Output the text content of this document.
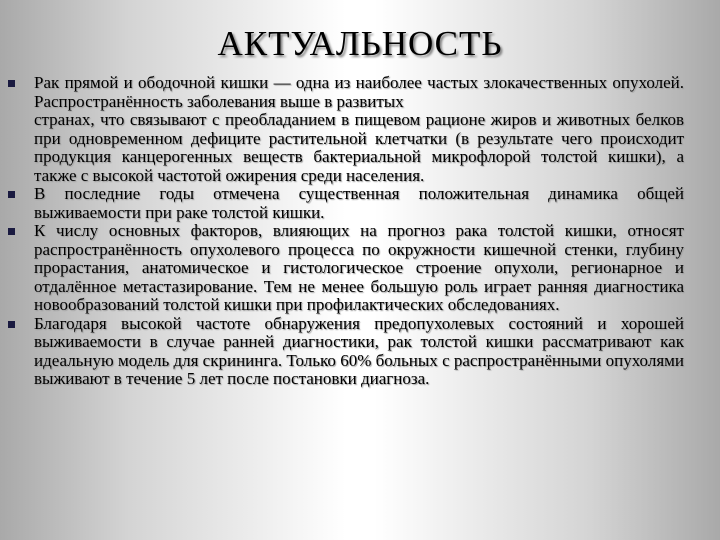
АКТУАЛЬНОСТЬ
Рак прямой и ободочной кишки — одна из наиболее частых злокачественных опухолей. Распространённость заболевания выше в развитых
странах, что связывают с преобладанием в пищевом рационе жиров и животных белков при одновременном дефиците растительной клетчатки (в результате чего происходит продукция канцерогенных веществ бактериальной микрофлорой толстой кишки), а также с высокой частотой ожирения среди населения.
В последние годы отмечена существенная положительная динамика общей выживаемости при раке толстой кишки.
К числу основных факторов, влияющих на прогноз рака толстой кишки, относят распространённость опухолевого процесса по окружности кишечной стенки, глубину прорастания, анатомическое и гистологическое строение опухоли, регионарное и отдалённое метастазирование. Тем не менее большую роль играет ранняя диагностика новообразований толстой кишки при профилактических обследованиях.
Благодаря высокой частоте обнаружения предопухолевых состояний и хорошей выживаемости в случае ранней диагностики, рак толстой кишки рассматривают как идеальную модель для скрининга. Только 60% больных с распространёнными опухолями выживают в течение 5 лет после постановки диагноза.
